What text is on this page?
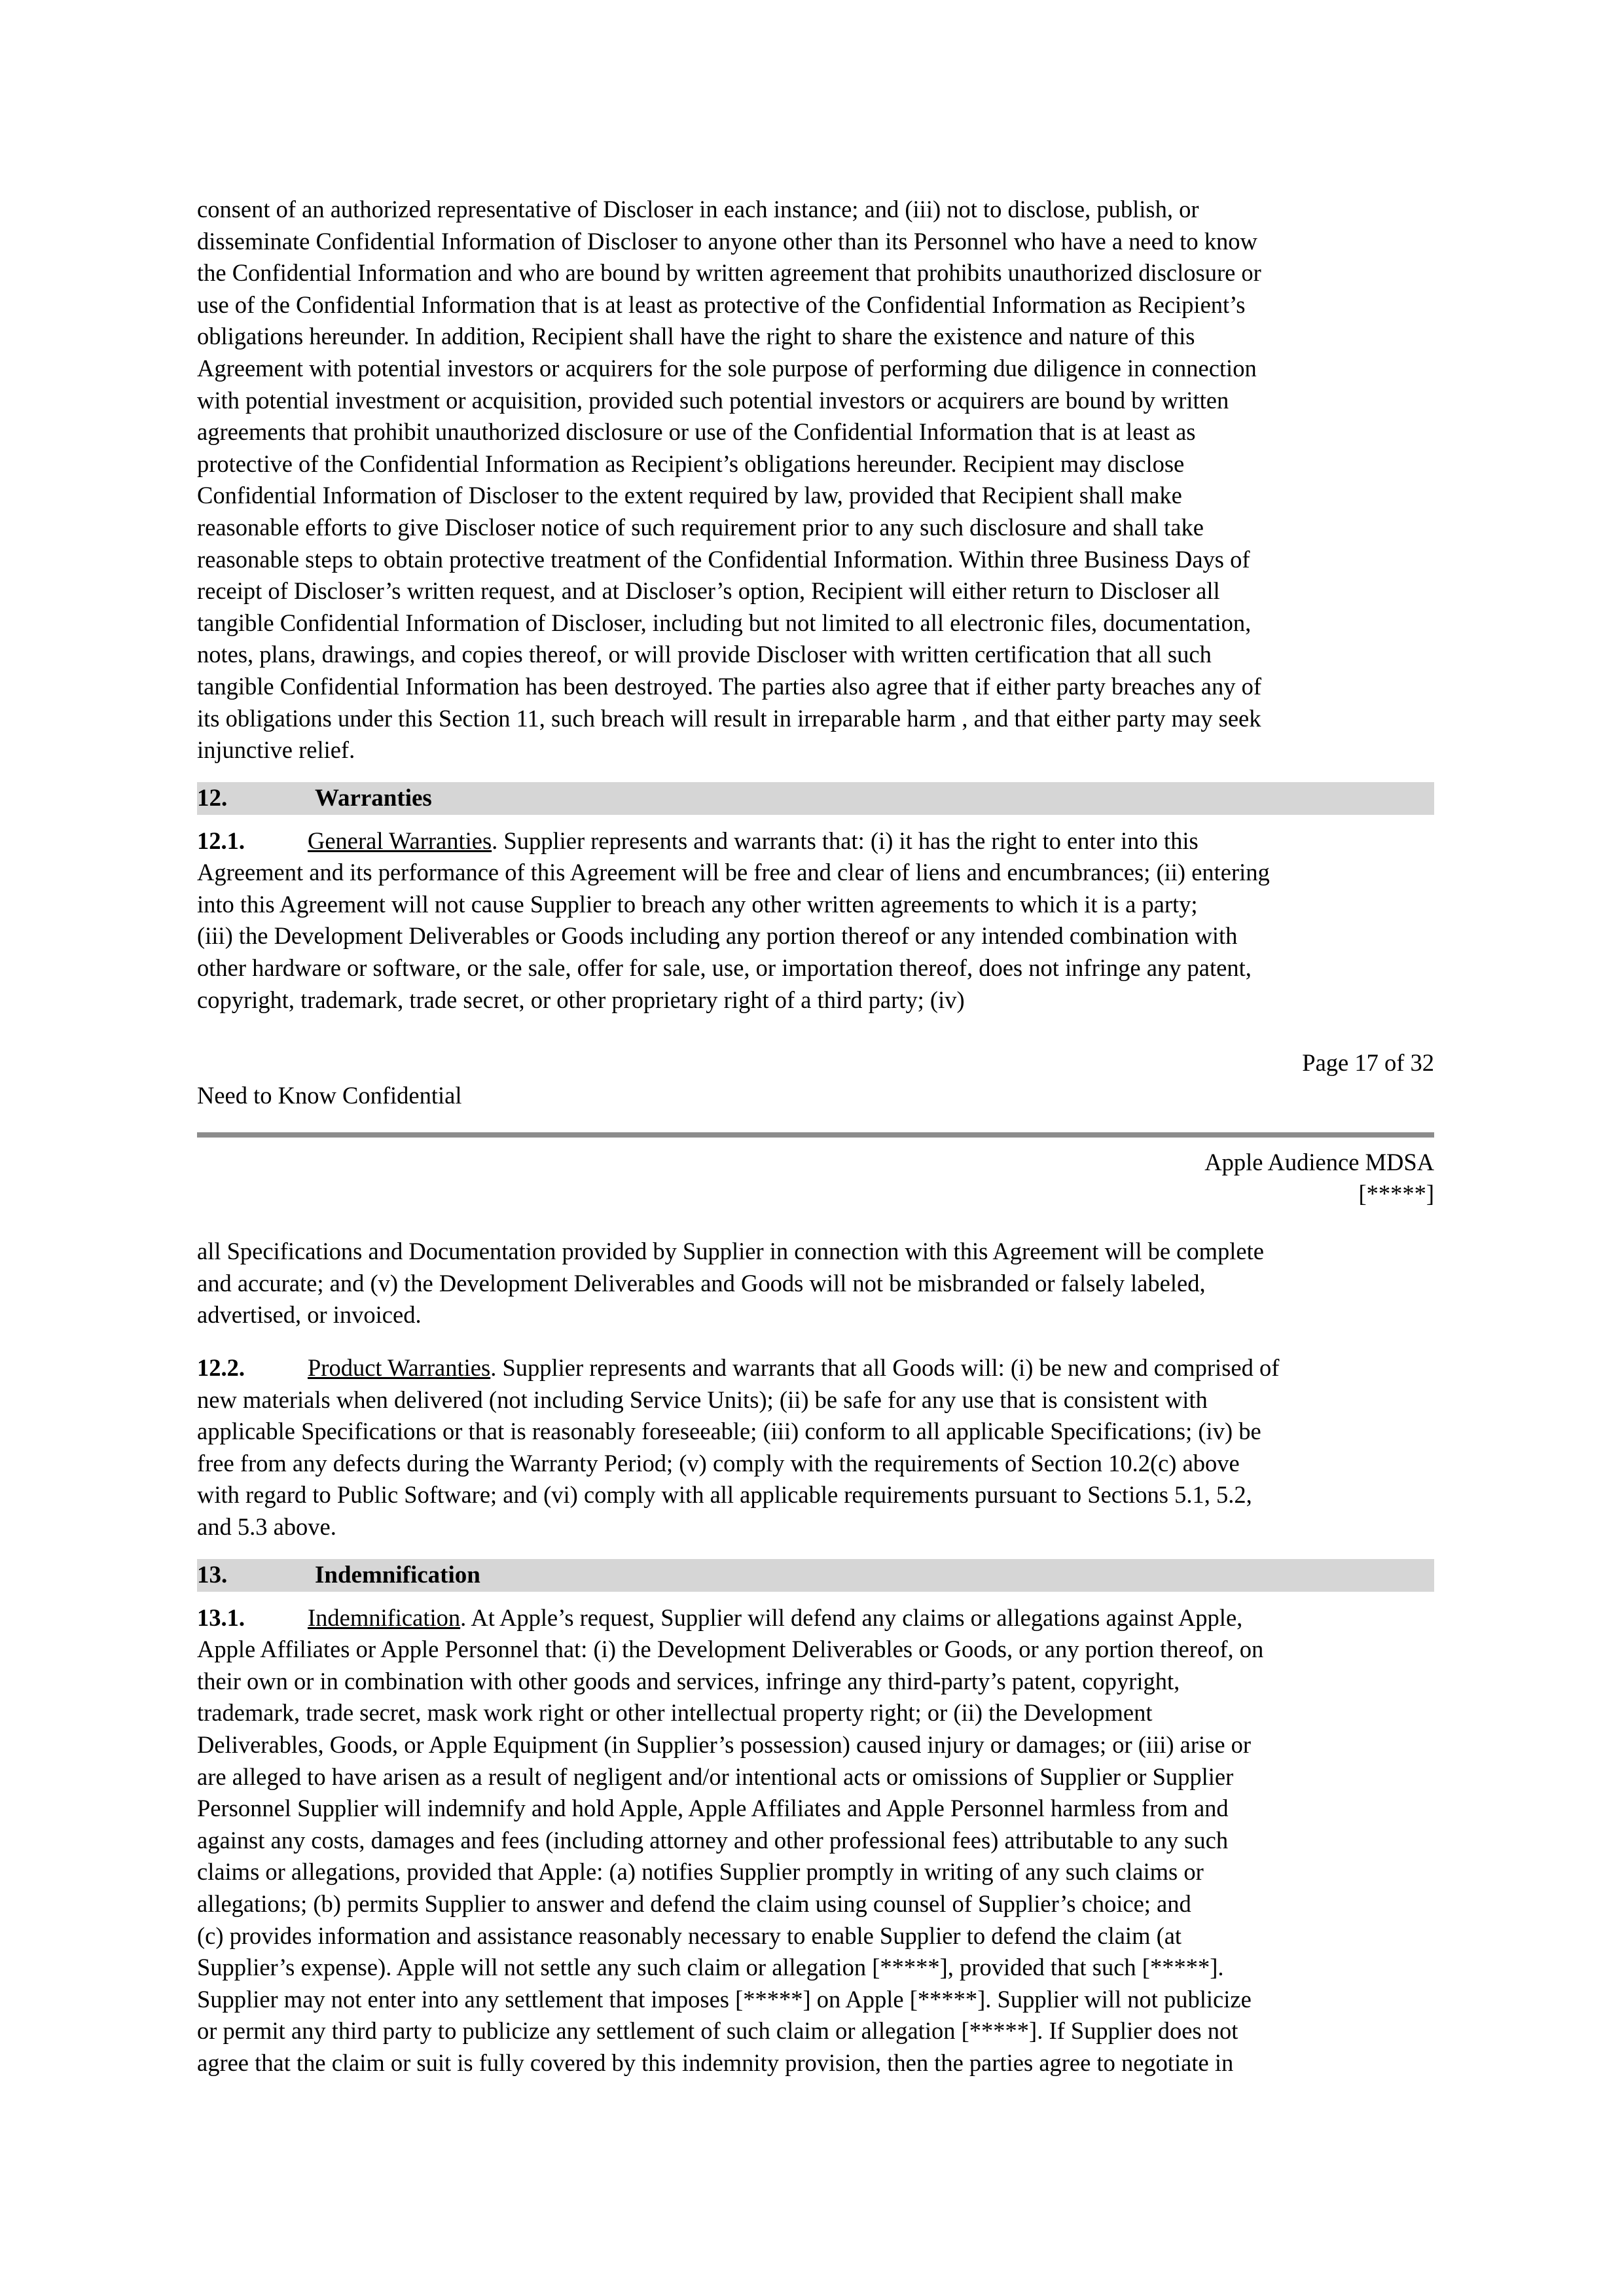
consent of an authorized representative of Discloser in each instance; and (iii) not to disclose, publish, or
disseminate Confidential Information of Discloser to anyone other than its Personnel who have a need to know
the Confidential Information and who are bound by written agreement that prohibits unauthorized disclosure or
use of the Confidential Information that is at least as protective of the Confidential Information as Recipient’s
obligations hereunder. In addition, Recipient shall have the right to share the existence and nature of this
Agreement with potential investors or acquirers for the sole purpose of performing due diligence in connection
with potential investment or acquisition, provided such potential investors or acquirers are bound by written
agreements that prohibit unauthorized disclosure or use of the Confidential Information that is at least as
protective of the Confidential Information as Recipient’s obligations hereunder. Recipient may disclose
Confidential Information of Discloser to the extent required by law, provided that Recipient shall make
reasonable efforts to give Discloser notice of such requirement prior to any such disclosure and shall take
reasonable steps to obtain protective treatment of the Confidential Information. Within three Business Days of
receipt of Discloser’s written request, and at Discloser’s option, Recipient will either return to Discloser all
tangible Confidential Information of Discloser, including but not limited to all electronic files, documentation,
notes, plans, drawings, and copies thereof, or will provide Discloser with written certification that all such
tangible Confidential Information has been destroyed. The parties also agree that if either party breaches any of
its obligations under this Section 11, such breach will result in irreparable harm , and that either party may seek
injunctive relief.
12.	Warranties
12.1.	General Warranties. Supplier represents and warrants that: (i) it has the right to enter into this
Agreement and its performance of this Agreement will be free and clear of liens and encumbrances; (ii) entering
into this Agreement will not cause Supplier to breach any other written agreements to which it is a party;
(iii) the Development Deliverables or Goods including any portion thereof or any intended combination with
other hardware or software, or the sale, offer for sale, use, or importation thereof, does not infringe any patent,
copyright, trademark, trade secret, or other proprietary right of a third party; (iv)
Page 17 of 32
Need to Know Confidential
Apple Audience MDSA
[*****]
all Specifications and Documentation provided by Supplier in connection with this Agreement will be complete
and accurate; and (v) the Development Deliverables and Goods will not be misbranded or falsely labeled,
advertised, or invoiced.
12.2.	Product Warranties. Supplier represents and warrants that all Goods will: (i) be new and comprised of
new materials when delivered (not including Service Units); (ii) be safe for any use that is consistent with
applicable Specifications or that is reasonably foreseeable; (iii) conform to all applicable Specifications; (iv) be
free from any defects during the Warranty Period; (v) comply with the requirements of Section 10.2(c) above
with regard to Public Software; and (vi) comply with all applicable requirements pursuant to Sections 5.1, 5.2,
and 5.3 above.
13.	Indemnification
13.1.	Indemnification. At Apple’s request, Supplier will defend any claims or allegations against Apple,
Apple Affiliates or Apple Personnel that: (i) the Development Deliverables or Goods, or any portion thereof, on
their own or in combination with other goods and services, infringe any third-party’s patent, copyright,
trademark, trade secret, mask work right or other intellectual property right; or (ii) the Development
Deliverables, Goods, or Apple Equipment (in Supplier’s possession) caused injury or damages; or (iii) arise or
are alleged to have arisen as a result of negligent and/or intentional acts or omissions of Supplier or Supplier
Personnel Supplier will indemnify and hold Apple, Apple Affiliates and Apple Personnel harmless from and
against any costs, damages and fees (including attorney and other professional fees) attributable to any such
claims or allegations, provided that Apple: (a) notifies Supplier promptly in writing of any such claims or
allegations; (b) permits Supplier to answer and defend the claim using counsel of Supplier’s choice; and
(c) provides information and assistance reasonably necessary to enable Supplier to defend the claim (at
Supplier’s expense). Apple will not settle any such claim or allegation [*****], provided that such [*****].
Supplier may not enter into any settlement that imposes [*****] on Apple [*****]. Supplier will not publicize
or permit any third party to publicize any settlement of such claim or allegation [*****]. If Supplier does not
agree that the claim or suit is fully covered by this indemnity provision, then the parties agree to negotiate in
